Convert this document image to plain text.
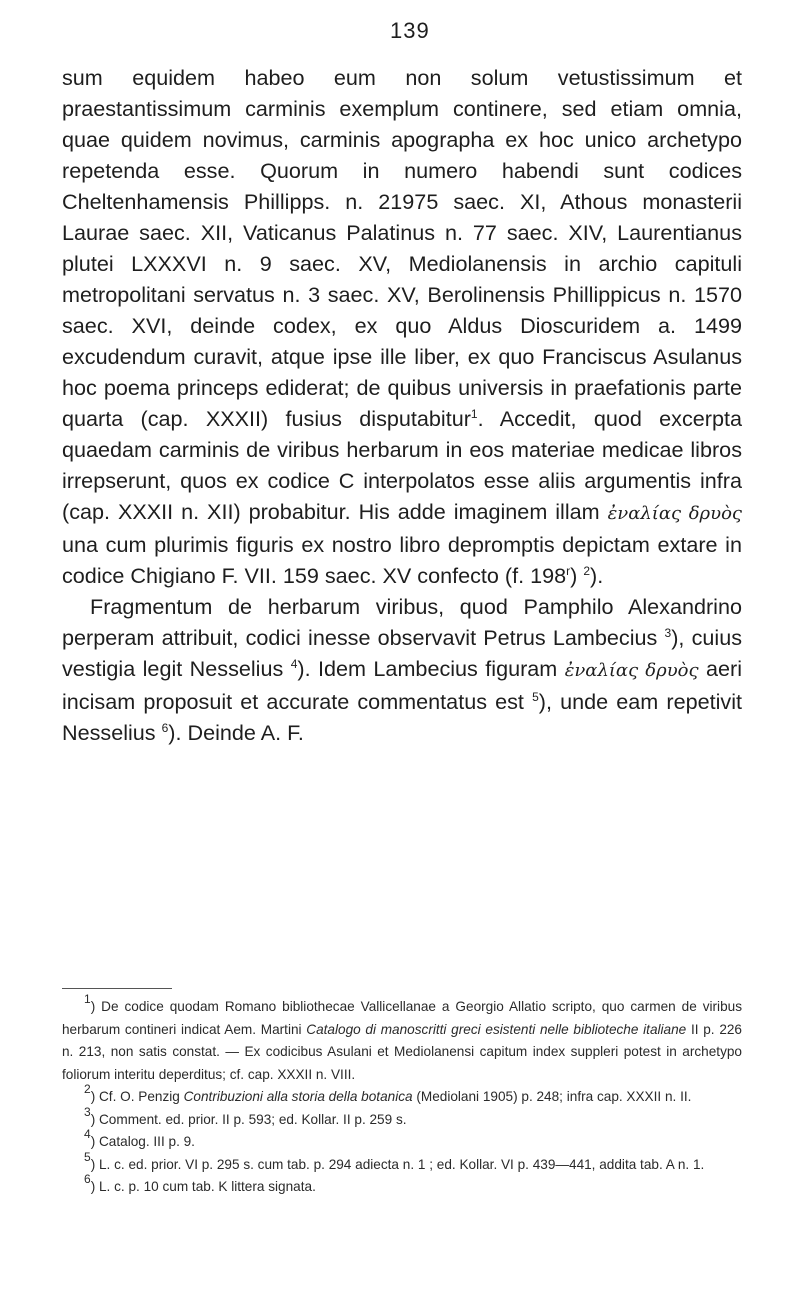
139

sum equidem habeo eum non solum vetustissimum et praestantissimum carminis exemplum continere, sed etiam omnia, quae quidem novimus, carminis apographa ex hoc unico archetypo repetenda esse. Quorum in numero habendi sunt codices Cheltenhamensis Phillipps. n. 21975 saec. XI, Athous monasterii Laurae saec. XII, Vaticanus Palatinus n. 77 saec. XIV, Laurentianus plutei LXXXVI n. 9 saec. XV, Mediolanensis in archio capituli metropolitani servatus n. 3 saec. XV, Berolinensis Phillippicus n. 1570 saec. XVI, deinde codex, ex quo Aldus Dioscuridem a. 1499 excudendum curavit, atque ipse ille liber, ex quo Franciscus Asulanus hoc poema princeps ediderat; de quibus universis in praefationis parte quarta (cap. XXXII) fusius disputabitur$^1$. Accedit, quod excerpta quaedam carminis de viribus herbarum in eos materiae medicae libros irrepserunt, quos ex codice C interpolatos esse aliis argumentis infra (cap. XXXII n. XII) probabitur. His adde imaginem illam ἐναλίας δρυὸς una cum plurimis figuris ex nostro libro depromptis depictam extare in codice Chigiano F. VII. 159 saec. XV confecto (f. 198$^r$) $^2$).

Fragmentum de herbarum viribus, quod Pamphilo Alexandrino perperam attribuit, codici inesse observavit Petrus Lambecius $^3$), cuius vestigia legit Nesselius $^4$). Idem Lambecius figuram ἐναλίας δρυὸς aeri incisam proposuit et accurate commentatus est $^5$), unde eam repetivit Nesselius $^6$). Deinde A. F.

$^1$) De codice quodam Romano bibliothecae Vallicellanae a Georgio Allatio scripto, quo carmen de viribus herbarum contineri indicat Aem. Martini Catalogo di manoscritti greci esistenti nelle biblioteche italiane II p. 226 n. 213, non satis constat. — Ex codicibus Asulani et Mediolanensi capitum index suppleri potest in archetypo foliorum interitu deperditus; cf. cap. XXXII n. VIII.

$^2$) Cf. O. Penzig Contribuzioni alla storia della botanica (Mediolani 1905) p. 248; infra cap. XXXII n. II.

$^3$) Comment. ed. prior. II p. 593; ed. Kollar. II p. 259 s.

$^4$) Catalog. III p. 9.

$^5$) L. c. ed. prior. VI p. 295 s. cum tab. p. 294 adiecta n. 1 ; ed. Kollar. VI p. 439—441, addita tab. A n. 1.

$^6$) L. c. p. 10 cum tab. K littera signata.
